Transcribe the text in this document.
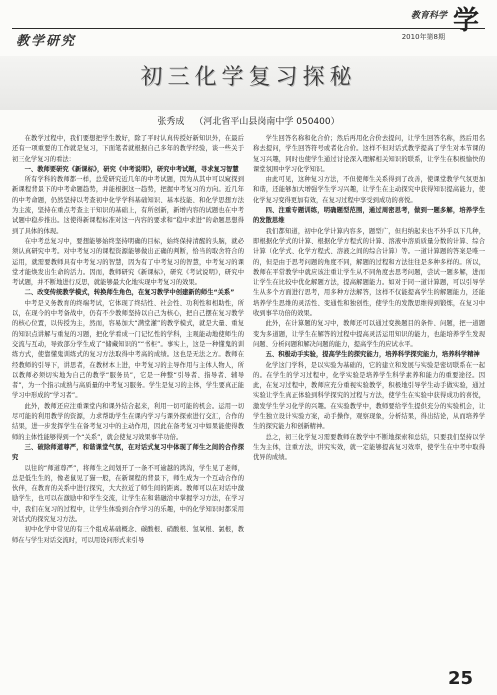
教育科学 学
教学研究	2010年第8期
初三化学复习探秘
张秀成 （河北省平山县岗南中学 050400）

在教学过程中，我们要想把学生教好，除了平时认真传授好新知识外，在最后还有一项重要的工作就是复习，下面笔者就根据自己多年的教学经验，谈一些关于初三化学复习的看法：

一、教师要研究《新课标》，研究《中考说明》，研究中考试题，寻求复习智慧

所有学科的教师都一样，总爱研究近几年的中考试题，因为从其中可以窥探到新课程背景下的中考命题趋势，并能根据这一趋势，把握中考复习的方向。近几年的中考命题，仍然坚持以考查初中化学学科基础知识、基本技能、和化学思想方法为主流，坚持在重点考查主干知识的基础上，有所创新，新增内容的试题也在中考试题中稳步推出。这使得新课程标准对这一内容的要求和“稳中求进”的命题思想得到了具体的体现。

在中考总复习中，要想能够始终坚持明确的目标，始终保持清醒的头脑，就必须认真研究中考。对中考复习的课程资源能够做出正确的判断，恰当的取舍符合的运用，就需要教师具有中考复习的智慧，因为有了中考复习的智慧，中考复习的课堂才能焕发出生命的活力。因而，教师研究《新课标》，研究《考试说明》，研究中考试题，并不断地进行反思，就能够最大化地实现中考复习的效果。

二、改变传统教学模式，转换师生角色，在复习教学中创建新的师生“关系”

中考是义务教育的终端考试，它体现了终结性、社会性、功利性和相助性，所以，在现今的中考备战中，仍有不少教师坚持以自己为核心，把自己摆在复习教学的核心位置，以传授为主，然而，容易加大“满堂灌”的教学模式，就是大量、重复的知识点讲解与重复的习题，把化学看成一门记忆性的学科，主观能动地使师生的交流与互动，导致部分学生成了“储藏知识的”“书柜”。事实上，这是一种懂鬼的训练方式，使靠懂鬼训练式的复习方法取得中考高的成绩。这也是无法之方。教师在经教师的引导下，讲思者，在教材本上进，中考复习的主导作用与主体人物人，所以教师必须切实地为自己的教学“服务员”，它是一种整“引导者、指导者、辅导者”，为一个指示成熟与高质量的中考复习服务。学生是复习的主体，学生要真正能学习中形成的“学习者”。

此外，教师还应注重课堂内和课外结合起来，利用一切可能的机会。运用一切尽可能的利用教学的资源，力求帮助学生在课内学习与课外探索进行交汇，合作的结果，进一步发挥学生在备考复习中的主动作用，因此在备考复习中如果能使得教师的主体性能够得到一个“关系”，就会使复习效果事半功倍。

三、破除师道尊严，和谐课堂气氛，在对话式复习中体现了师生之间的合作探究

以往的“师道尊严”，将师生之间划开了一条不可逾越的鸿沟，学生见了老师，总是低生生的，像老鼠见了猫一般，在新课程的背景下，师生成为一个互动合作的伙伴，在教育的关系中进行探究，大大拉近了师生间的距离。教师可以在对话中激励学生，也可以在激励中和学生交流，让学生在和谐融洽中掌握学习方法，在学习中，我们在复习的过程中，让学生体验到合作学习的乐趣，中的化学知识时都采用对话式的探究复习方法。

初中化学中常见的有三个组成基础概念、碳酸根、硝酸根、氢氧根、氯根，教师在与学生对话交流时，可以用设问形式来引导

学生回答名称和化合价；然后再用化合价去提问，让学生回答名称，然后用名称去提问，学生回答符号或者化合价。这样不但对话式教学提高了学生对本节课的复习兴趣，同时也使学生通过讨论深入理解相关知识的联系，让学生在积极愉快的课堂氛围中学习化学知识。

由此可见，这种复习方法，不但使师生关系得到了改善，使课堂教学气氛更加和谐，还能够加大增强学生学习兴趣，让学生在主动探究中获得知识提高能力，使化学复习变得更加有效，在复习过程中享受到成功的喜悦。

四、注重专题训练，明确题型范围，通过周密思考，做到一题多解，培养学生的发散思维

我们都知道，初中化学计算内容多，题型广，但归纳起来也不外乎以下几种，即根据化学式的计算、根据化学方程式的计算、溶液中溶质质量分数的计算、综合计算（化学式、化学方程式、溶液之间的综合计算）等。一道计算题的答案是唯一的，但是由于思考问题的角度不同，解题的过程和方法往往是多种多样的。所以，教师在平常教学中就应该注重让学生从不同角度去思考问题，尝试一题多解，进而让学生在比较中优化解题方法，提高解题能力。如对于同一道计算题，可以引导学生从多个方面进行思考，用多种方法解答，这样不仅能提高学生的解题能力，还能培养学生思维的灵活性、变通性和独创性，使学生的发散思维得到锻炼，在复习中收到事半功倍的效果。

此外，在计算题的复习中，教师还可以通过变换题目的条件、问题，把一道题变为多道题，让学生在解答的过程中提高灵活运用知识的能力，也能培养学生发现问题、分析问题和解决问题的能力，提高学生的应试水平。

五、积极动手实验，提高学生的探究能力，培养科学探究能力，培养科学精神

化学这门学科，是以实验为基础的，它的建立和发展与实验是密切联系在一起的。在学生的学习过程中，化学实验是培养学生科学素养和能力的重要途径。因此，在复习过程中，教师应充分重视实验教学，积极地引导学生动手做实验，通过实验让学生真正体验到科学探究的过程与方法，使学生在实验中获得成功的喜悦，激发学生学习化学的兴趣。在实验教学中，教师要给学生提供充分的实验机会，让学生独立设计实验方案，动手操作，观察现象，分析结果，得出结论，从而培养学生的探究能力和创新精神。

总之，初三化学复习需要教师在教学中不断地探索和总结，只要我们坚持以学生为主体，注重方法，讲究实效，就一定能够提高复习效率，使学生在中考中取得优异的成绩。

25
